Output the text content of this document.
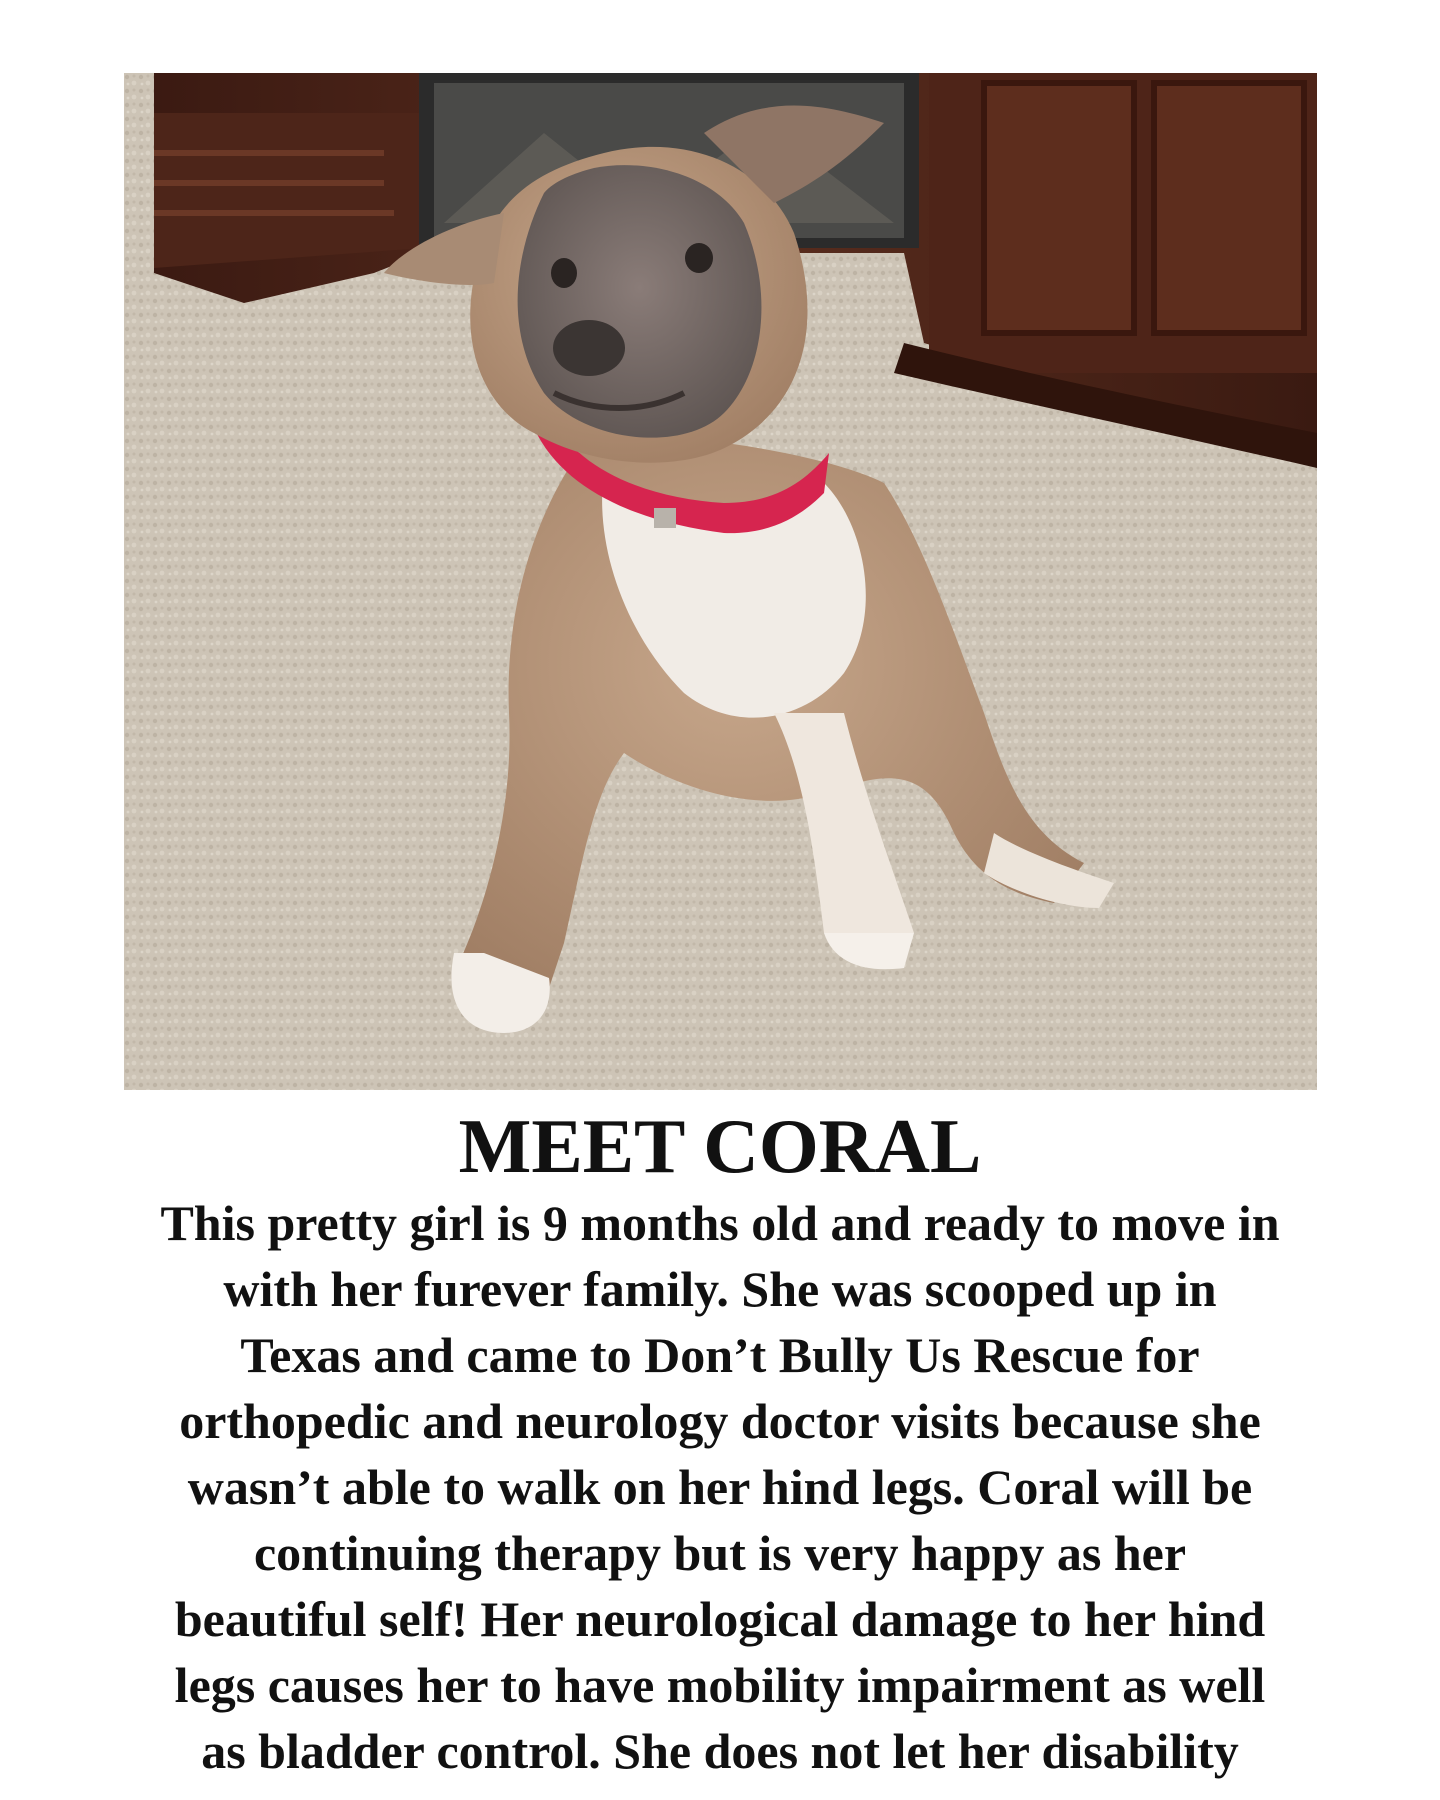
MEET CORAL

This pretty girl is 9 months old and ready to move in
with her furever family. She was scooped up in
Texas and came to Don’t Bully Us Rescue for
orthopedic and neurology doctor visits because she
wasn’t able to walk on her hind legs. Coral will be
continuing therapy but is very happy as her
beautiful self! Her neurological damage to her hind
legs causes her to have mobility impairment as well
as bladder control. She does not let her disability
